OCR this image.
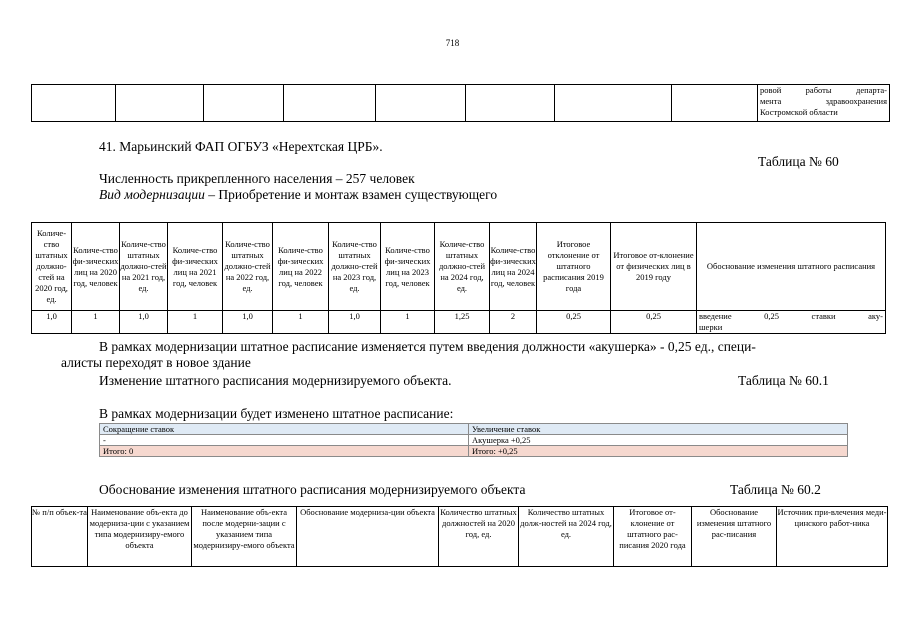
718

ровой работы департа-
мента здравоохранения
Костромской области
41. Марьинский ФАП ОГБУЗ «Нерехтская ЦРБ».
Таблица № 60
Численность прикрепленного населения – 257 человек
Вид модернизации – Приобретение и монтаж взамен существующего
Количе-ство штатных должно-стей на 2020 год, ед.	Количе-ство фи-зических лиц на 2020 год, человек	Количе-ство штатных должно-стей на 2021 год, ед.	Количе-ство фи-зических лиц на 2021 год, человек	Количе-ство штатных должно-стей на 2022 год, ед.	Количе-ство фи-зических лиц на 2022 год, человек	Количе-ство штатных должно-стей на 2023 год, ед.	Количе-ство фи-зических лиц на 2023 год, человек	Количе-ство штатных должно-стей на 2024 год, ед.	Количе-ство фи-зических лиц на 2024 год, человек	Итоговое отклонение от штатного расписания 2019 года	Итоговое от-клонение от физических лиц в 2019 году	Обоснование изменения штатного расписания
1,0	1	1,0	1	1,0	1	1,0	1	1,25	2	0,25	0,25	введение 0,25 ставки аку-
шерки
В рамках модернизации штатное расписание изменяется путем введения должности «акушерка» - 0,25 ед., специ-
алисты переходят в новое здание
Изменение штатного расписания модернизируемого объекта.	Таблица № 60.1
В рамках модернизации будет изменено штатное расписание:
Сокращение ставок	Увеличение ставок
-	Акушерка +0,25
Итого: 0	Итого: +0,25
Обоснование изменения штатного расписания модернизируемого объекта	Таблица № 60.2
№ п/п объек-та	Наименование объ-екта до модерниза-ции с указанием типа модернизиру-емого объекта	Наименование объ-екта после модерни-зации с указанием типа модернизиру-емого объекта	Обоснование модерниза-ции объекта	Количество штатных должностей на 2020 год, ед.	Количество штатных долж-ностей на 2024 год, ед.	Итоговое от-клонение от штатного рас-писания 2020 года	Обоснование изменения штатного рас-писания	Источник при-влечения меди-цинского работ-ника
